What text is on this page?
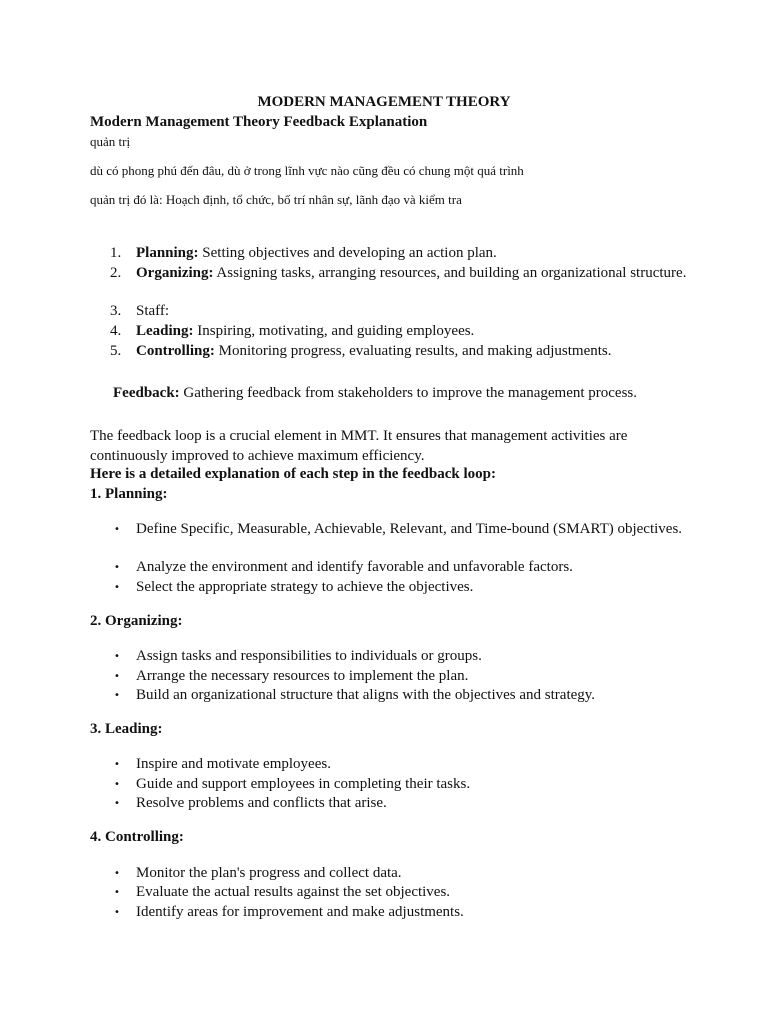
MODERN MANAGEMENT THEORY
Modern Management Theory Feedback Explanation
quản trị
dù có phong phú đến đâu, dù ở trong lĩnh vực nào cũng đều có chung một quá trình
quản trị đó là: Hoạch định, tổ chức, bố trí nhân sự, lãnh đạo và kiểm tra
1. Planning: Setting objectives and developing an action plan.
2. Organizing: Assigning tasks, arranging resources, and building an organizational structure.
3. Staff:
4. Leading: Inspiring, motivating, and guiding employees.
5. Controlling: Monitoring progress, evaluating results, and making adjustments.
Feedback: Gathering feedback from stakeholders to improve the management process.
The feedback loop is a crucial element in MMT. It ensures that management activities are continuously improved to achieve maximum efficiency.
Here is a detailed explanation of each step in the feedback loop:
1. Planning:
•	Define Specific, Measurable, Achievable, Relevant, and Time-bound (SMART) objectives.
•	Analyze the environment and identify favorable and unfavorable factors.
•	Select the appropriate strategy to achieve the objectives.
2. Organizing:
•	Assign tasks and responsibilities to individuals or groups.
•	Arrange the necessary resources to implement the plan.
•	Build an organizational structure that aligns with the objectives and strategy.
3. Leading:
•	Inspire and motivate employees.
•	Guide and support employees in completing their tasks.
•	Resolve problems and conflicts that arise.
4. Controlling:
•	Monitor the plan's progress and collect data.
•	Evaluate the actual results against the set objectives.
•	Identify areas for improvement and make adjustments.
